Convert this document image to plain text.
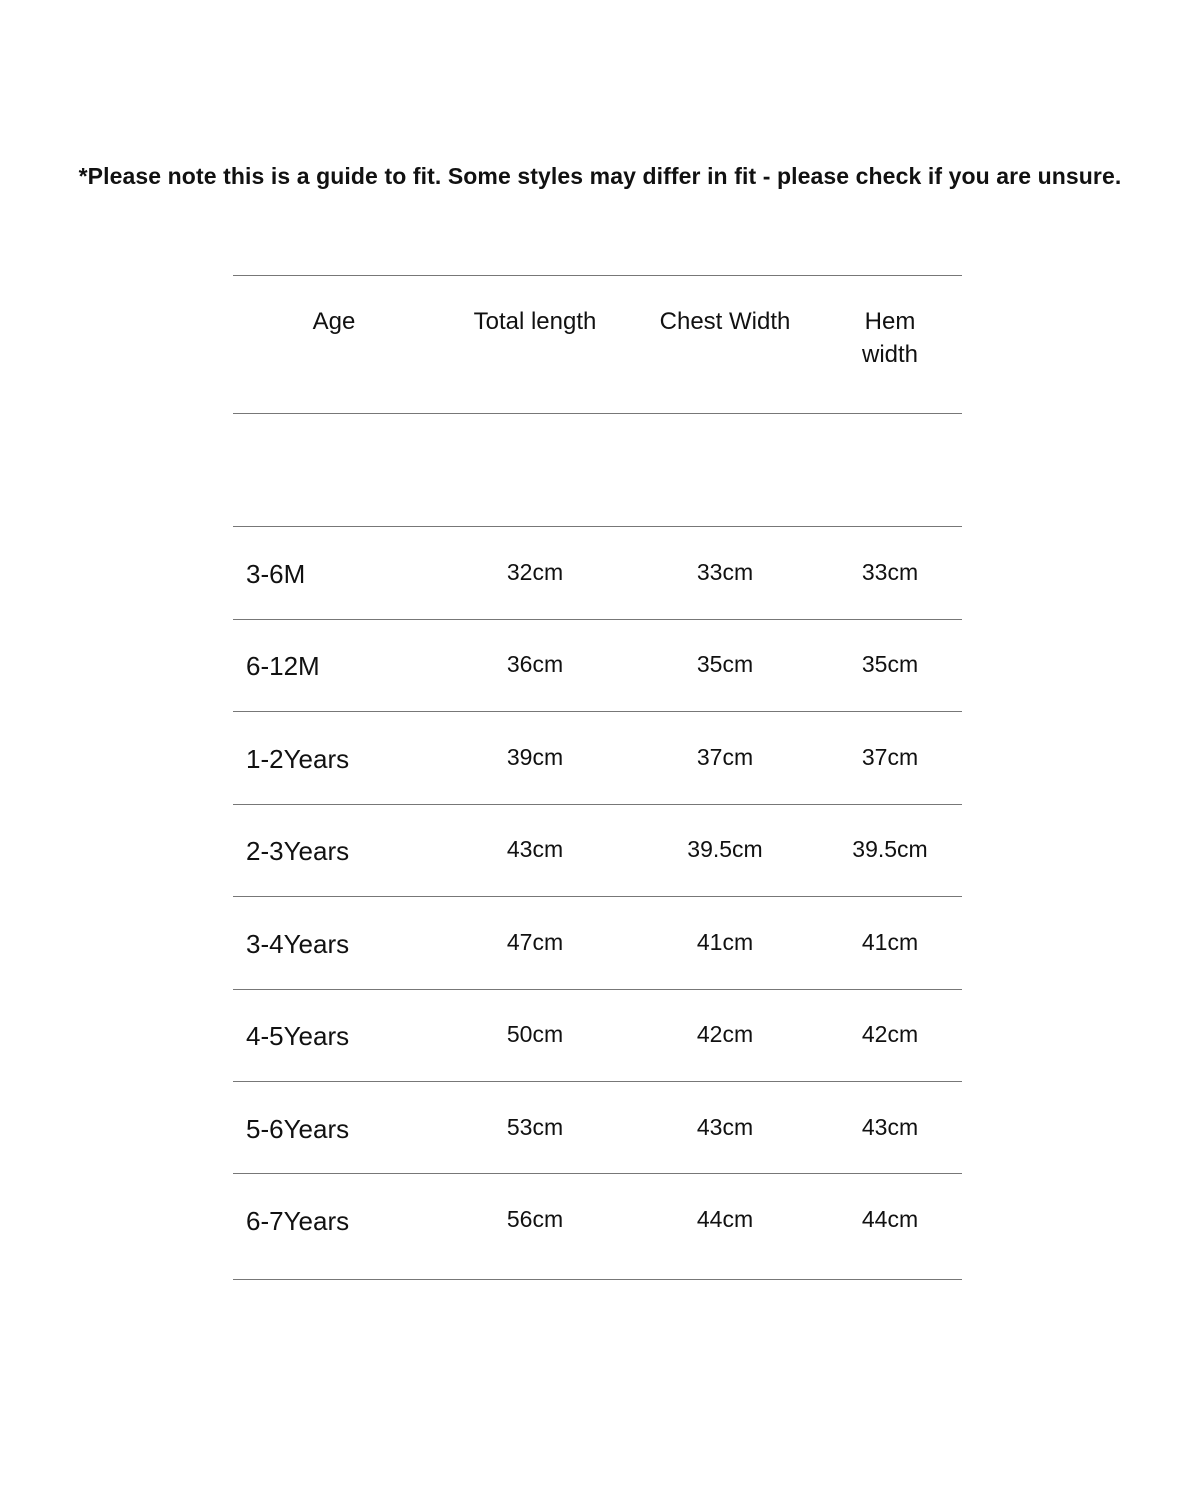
*Please note this is a guide to fit. Some styles may differ in fit - please check if you are unsure.
Age	Total length	Chest Width	Hem
width
3-6M	32cm	33cm	33cm
6-12M	36cm	35cm	35cm
1-2Years	39cm	37cm	37cm
2-3Years	43cm	39.5cm	39.5cm
3-4Years	47cm	41cm	41cm
4-5Years	50cm	42cm	42cm
5-6Years	53cm	43cm	43cm
6-7Years	56cm	44cm	44cm
